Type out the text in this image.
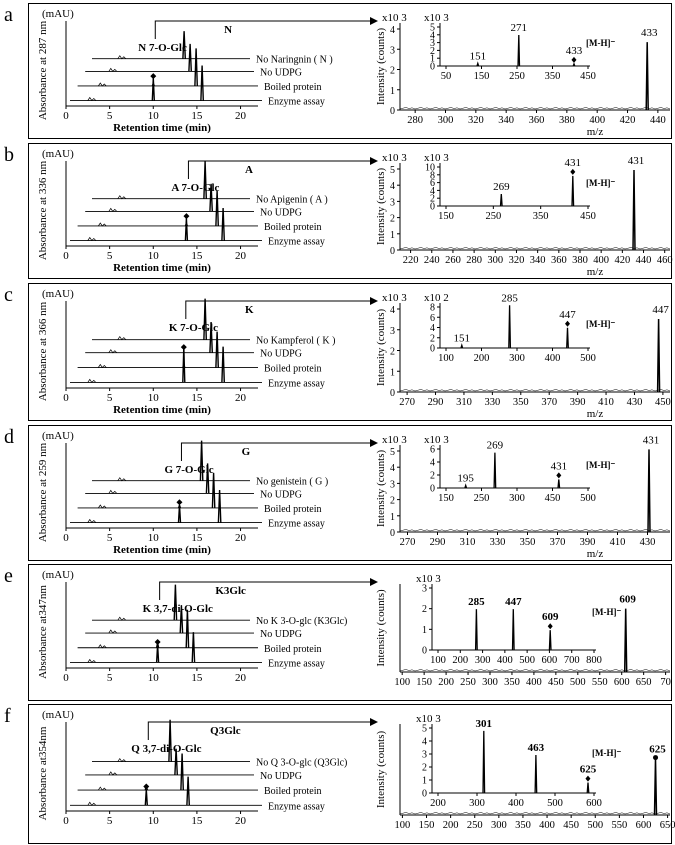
a	(mAU)
Absorbance at 287 nm 0	5	10	15	20
Retention time (min)
No Naringnin ( N )
No UDPG
Boiled protein
Enzyme assay
N 7-O-Glc
N	Intensity (counts)
x10 3
0
1
2
3
4
280 300 320 340 360 380 400 420 440
m/z
433
x10 3
0
1
2
3
4
5
50 150 250 350 450
151
271
433
[M-H]⁻
b	(mAU)
Absorbance at 336 nm 0	5	10	15	20
Retention time (min)
No Apigenin ( A )
No UDPG
Boiled protein
Enzyme assay
A 7-O-Glc
A	Intensity (counts)
x10 3
0
1
2
3
4
5
220 240 260 280 300 320 340 360 380 400 420 440 460
m/z
431
x10 3
0
2
4
6
8
10
150	250	350	450
269
431
[M-H]⁻
c	(mAU)
Absorbance at 366 nm 0	5	10	15	20
Retention time (min)
No Kampferol ( K )
No UDPG
Boiled protein
Enzyme assay
K 7-O-Glc
K	Intensity (counts)
x10 3
0
1
2
3
4
270 290 310 330 350 370 390 410 430 450
m/z
447
x10 2
0
2
4
6
8
100 200 300 400 500
151
285
447
[M-H]⁻
d	(mAU)
Absorbance at 259 nm 0	5	10	15	20
Retention time (min)
No genistein ( G )
No UDPG
Boiled protein
Enzyme assay
G 7-O-Glc
G	Intensity (counts)
x10 3
0
1
2
3
4
5
270 290 310 330 350 370 390 410 430
m/z
431
x10 3
0
2
4
6
150 250 300 450 500
195
269
431 [M-H]⁻
e	(mAU)
Absorbance at347nm 0	5	10	15	20
No K 3-O-glc (K3Glc)
No UDPG
Boiled protein
Enzyme assay
K 3,7-di-O-Glc
K3Glc	Intensity (counts)
100 150 200 250 300 350 400 450 500 550 600 650 70
609
x10 3
0
1
2
3
100 200 300 400 500 600 700 800
285 447
609	[M-H]⁻
f	(mAU)
Absorbance at354nm
0	5	10	15	20
No Q 3-O-glc (Q3Glc)
No UDPG
Boiled protein
Enzyme assay
Q 3,7-di-O-Glc
Q3Glc	Intensity (counts)
100 150 200 250 300 350 400 450 500 550 600 650
625
x10 3
0
1
2
3
4
5
200 300 400 500 600
301
463
625
[M-H]⁻
